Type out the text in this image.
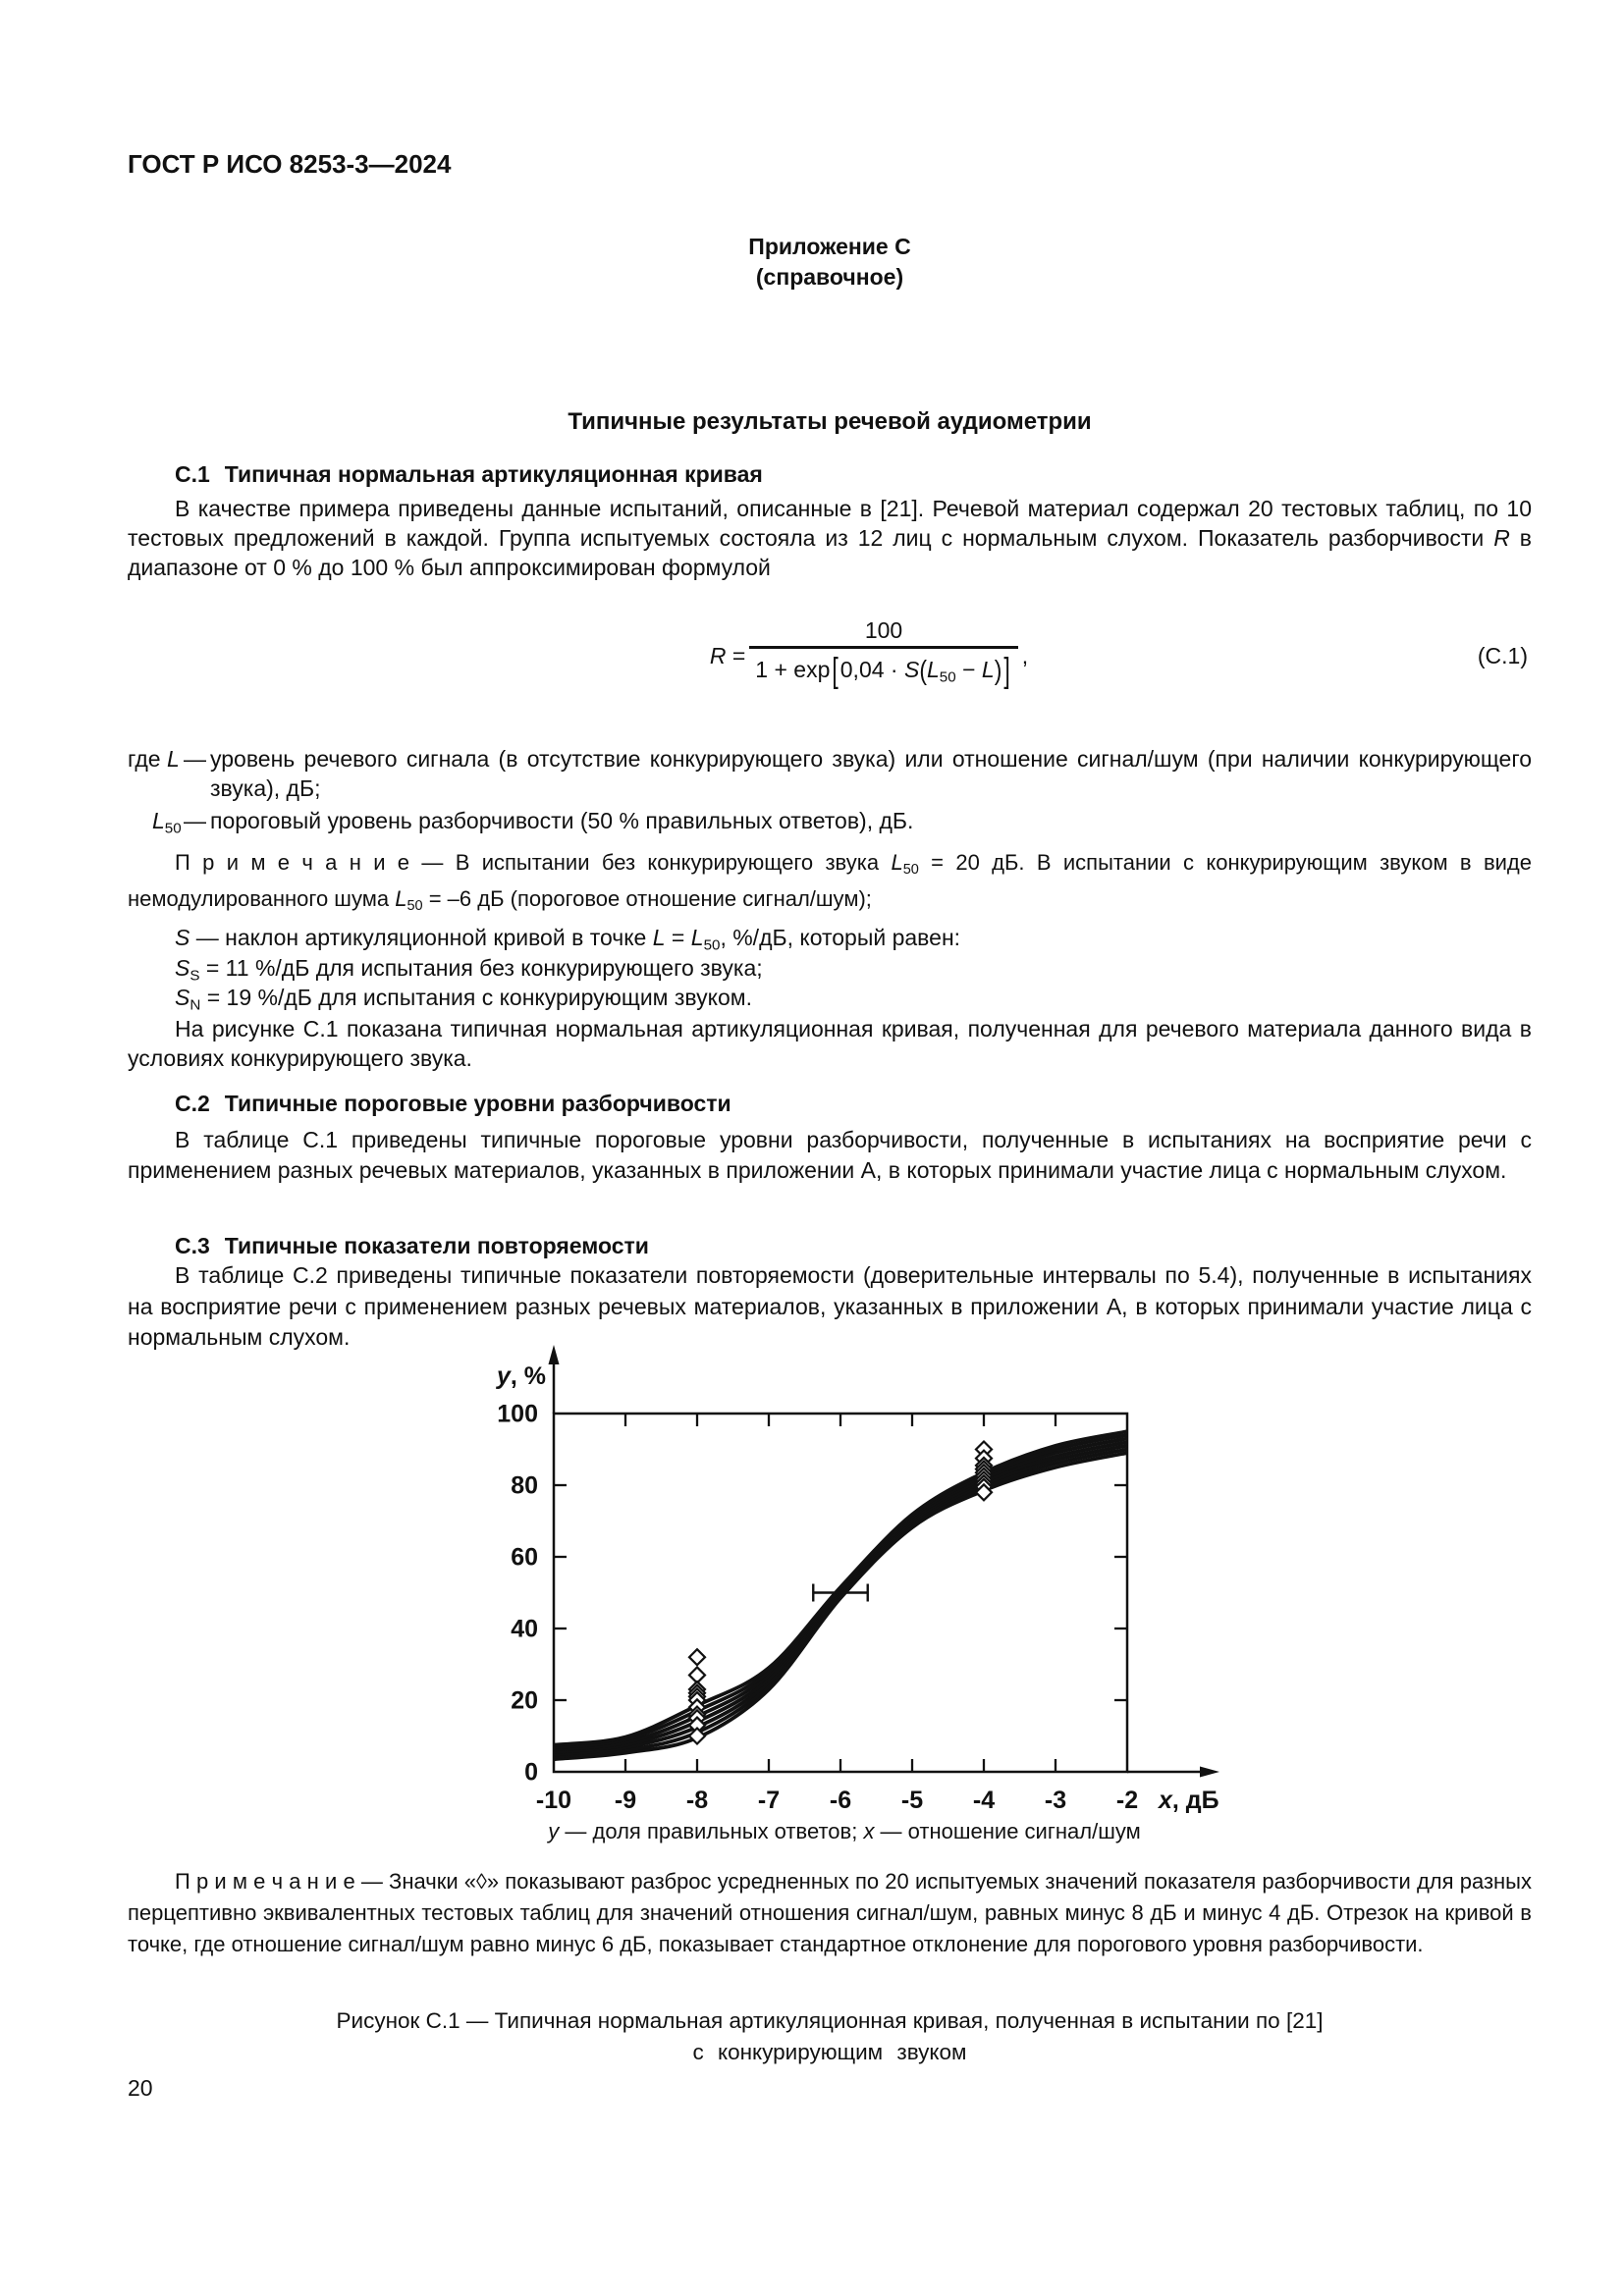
ГОСТ Р ИСО 8253-3—2024
Приложение С
(справочное)
Типичные результаты речевой аудиометрии
С.1 Типичная нормальная артикуляционная кривая

В качестве примера приведены данные испытаний, описанные в [21]. Речевой материал содержал 20 тестовых таблиц, по 10 тестовых предложений в каждой. Группа испытуемых состояла из 12 лиц с нормальным слухом. Показатель разборчивости R в диапазоне от 0 % до 100 % был аппроксимирован формулой

$R = \frac{100}{1 + \exp[0,04 \cdot S(L50 - L)]}$ ,	(С.1)
где L — уровень речевого сигнала (в отсутствие конкурирующего звука) или отношение сигнал/шум (при наличии конкурирующего звука), дБ;
L50 — пороговый уровень разборчивости (50 % правильных ответов), дБ.

П р и м е ч а н и е — В испытании без конкурирующего звука L50 = 20 дБ. В испытании с конкурирующим звуком в виде немодулированного шума L50 = –6 дБ (пороговое отношение сигнал/шум);

S — наклон артикуляционной кривой в точке L = L50, %/дБ, который равен:

SS = 11 %/дБ для испытания без конкурирующего звука;

SN = 19 %/дБ для испытания с конкурирующим звуком.

На рисунке С.1 показана типичная нормальная артикуляционная кривая, полученная для речевого материала данного вида в условиях конкурирующего звука.

С.2 Типичные пороговые уровни разборчивости

В таблице С.1 приведены типичные пороговые уровни разборчивости, полученные в испытаниях на восприятие речи с применением разных речевых материалов, указанных в приложении А, в которых принимали участие лица с нормальным слухом.

С.3 Типичные показатели повторяемости

В таблице С.2 приведены типичные показатели повторяемости (доверительные интервалы по 5.4), полученные в испытаниях на восприятие речи с применением разных речевых материалов, указанных в приложении А, в которых принимали участие лица с нормальным слухом.

0
20
40
60
80
100
-10 -9 -8 -7 -6 -5 -4 -3 -2
y, %
x, дБ
y — доля правильных ответов; x — отношение сигнал/шум

П р и м е ч а н и е — Значки «◊» показывают разброс усредненных по 20 испытуемых значений показателя разборчивости для разных перцептивно эквивалентных тестовых таблиц для значений отношения сигнал/шум, равных минус 8 дБ и минус 4 дБ. Отрезок на кривой в точке, где отношение сигнал/шум равно минус 6 дБ, показывает стандартное отклонение для порогового уровня разборчивости.

Рисунок С.1 — Типичная нормальная артикуляционная кривая, полученная в испытании по [21]
с конкурирующим звуком
20
